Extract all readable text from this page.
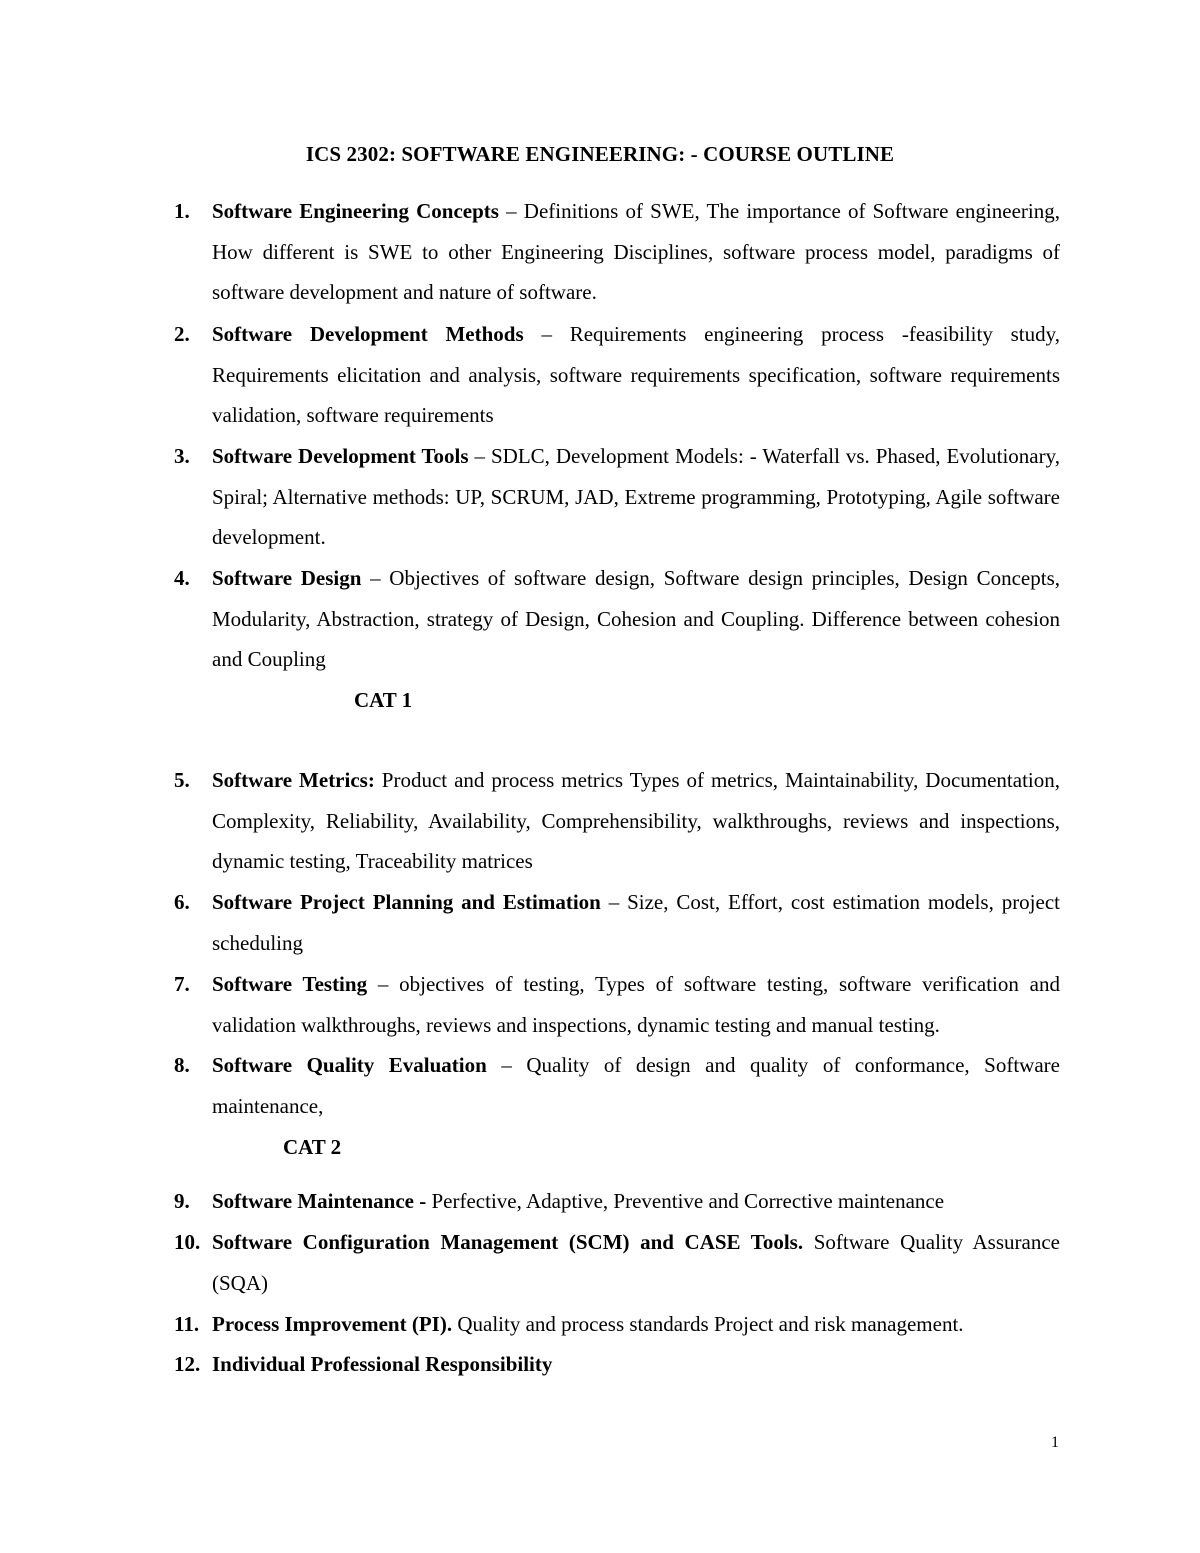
ICS 2302: SOFTWARE ENGINEERING: - COURSE OUTLINE
1. Software Engineering Concepts – Definitions of SWE, The importance of Software engineering, How different is SWE to other Engineering Disciplines, software process model, paradigms of software development and nature of software.
2. Software Development Methods – Requirements engineering process -feasibility study, Requirements elicitation and analysis, software requirements specification, software requirements validation, software requirements
3. Software Development Tools – SDLC, Development Models: - Waterfall vs. Phased, Evolutionary, Spiral; Alternative methods: UP, SCRUM, JAD, Extreme programming, Prototyping, Agile software development.
4. Software Design – Objectives of software design, Software design principles, Design Concepts, Modularity, Abstraction, strategy of Design, Cohesion and Coupling. Difference between cohesion and Coupling
CAT 1
5. Software Metrics: Product and process metrics Types of metrics, Maintainability, Documentation, Complexity, Reliability, Availability, Comprehensibility, walkthroughs, reviews and inspections, dynamic testing, Traceability matrices
6. Software Project Planning and Estimation – Size, Cost, Effort, cost estimation models, project scheduling
7. Software Testing – objectives of testing, Types of software testing, software verification and validation walkthroughs, reviews and inspections, dynamic testing and manual testing.
8. Software Quality Evaluation – Quality of design and quality of conformance, Software maintenance,
CAT 2
9. Software Maintenance - Perfective, Adaptive, Preventive and Corrective maintenance
10. Software Configuration Management (SCM) and CASE Tools. Software Quality Assurance (SQA)
11. Process Improvement (PI). Quality and process standards Project and risk management.
12. Individual Professional Responsibility
1
